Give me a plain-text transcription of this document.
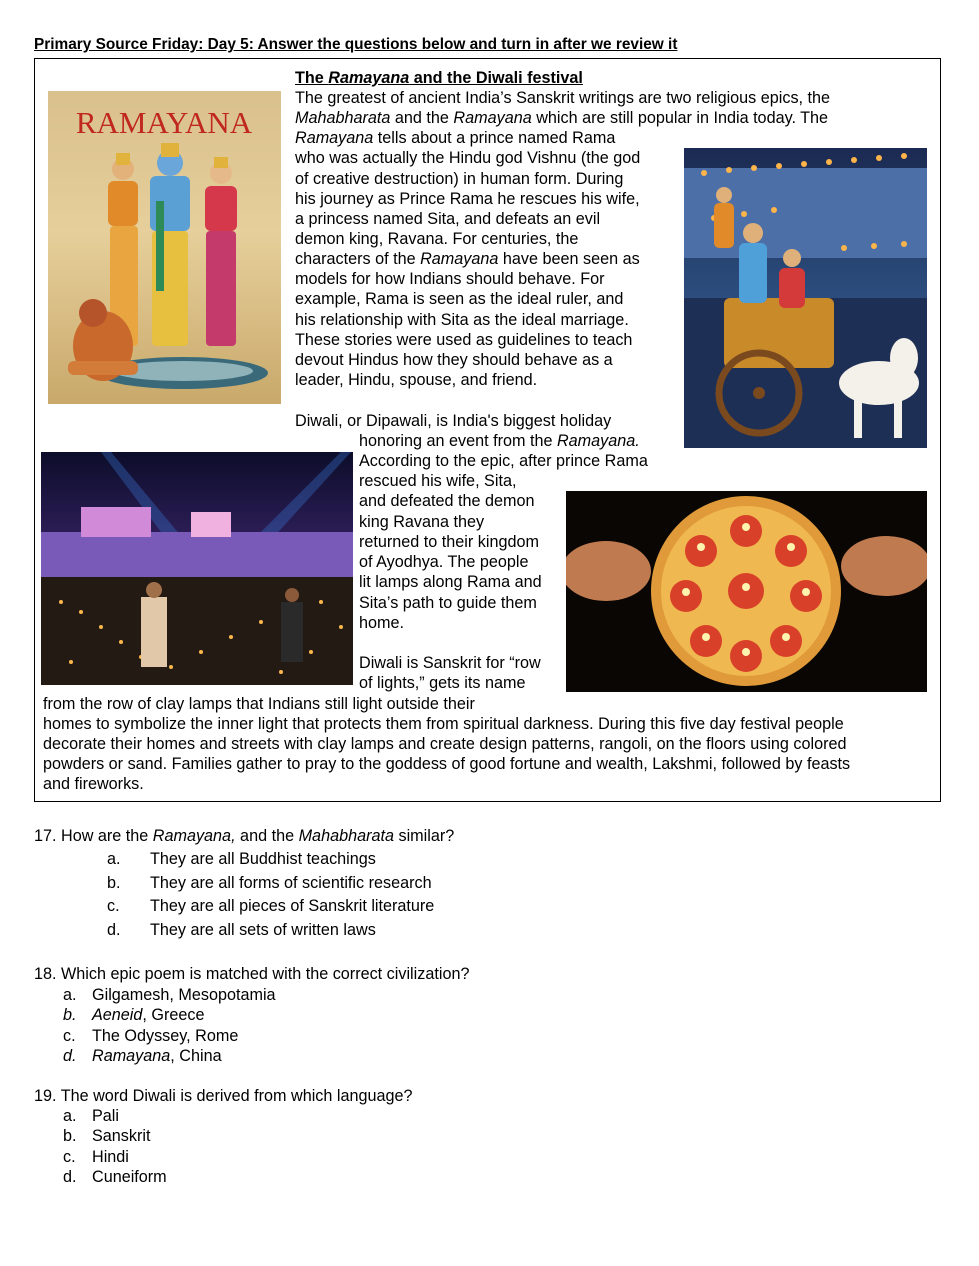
Primary Source Friday: Day 5: Answer the questions below and turn in after we review it
RAMAYANA
The Ramayana and the Diwali festival
The greatest of ancient India’s Sanskrit writings are two religious epics, the
Mahabharata and the Ramayana which are still popular in India today. The
Ramayana tells about a prince named Rama
who was actually the Hindu god Vishnu (the god
of creative destruction) in human form. During
his journey as Prince Rama he rescues his wife,
a princess named Sita, and defeats an evil
demon king, Ravana. For centuries, the
characters of the Ramayana have been seen as
models for how Indians should behave. For
example, Rama is seen as the ideal ruler, and
his relationship with Sita as the ideal marriage.
These stories were used as guidelines to teach
devout Hindus how they should behave as a
leader, Hindu, spouse, and friend.
Diwali, or Dipawali, is India's biggest holiday
honoring an event from the Ramayana.
According to the epic, after prince Rama
rescued his wife, Sita,
and defeated the demon
king Ravana they
returned to their kingdom
of Ayodhya. The people
lit lamps along Rama and
Sita’s path to guide them
home.
Diwali is Sanskrit for “row
of lights,” gets its name
from the row of clay lamps that Indians still light outside their
homes to symbolize the inner light that protects them from spiritual darkness. During this five day festival people
decorate their homes and streets with clay lamps and create design patterns, rangoli, on the floors using colored
powders or sand. Families gather to pray to the goddess of good fortune and wealth, Lakshmi, followed by feasts
and fireworks.
17. How are the Ramayana, and the Mahabharata similar?
a. They are all Buddhist teachings
b. They are all forms of scientific research
c. They are all pieces of Sanskrit literature
d. They are all sets of written laws
18. Which epic poem is matched with the correct civilization?
a. Gilgamesh, Mesopotamia
b. Aeneid, Greece
c. The Odyssey, Rome
d. Ramayana, China
19. The word Diwali is derived from which language?
a. Pali
b. Sanskrit
c. Hindi
d. Cuneiform
